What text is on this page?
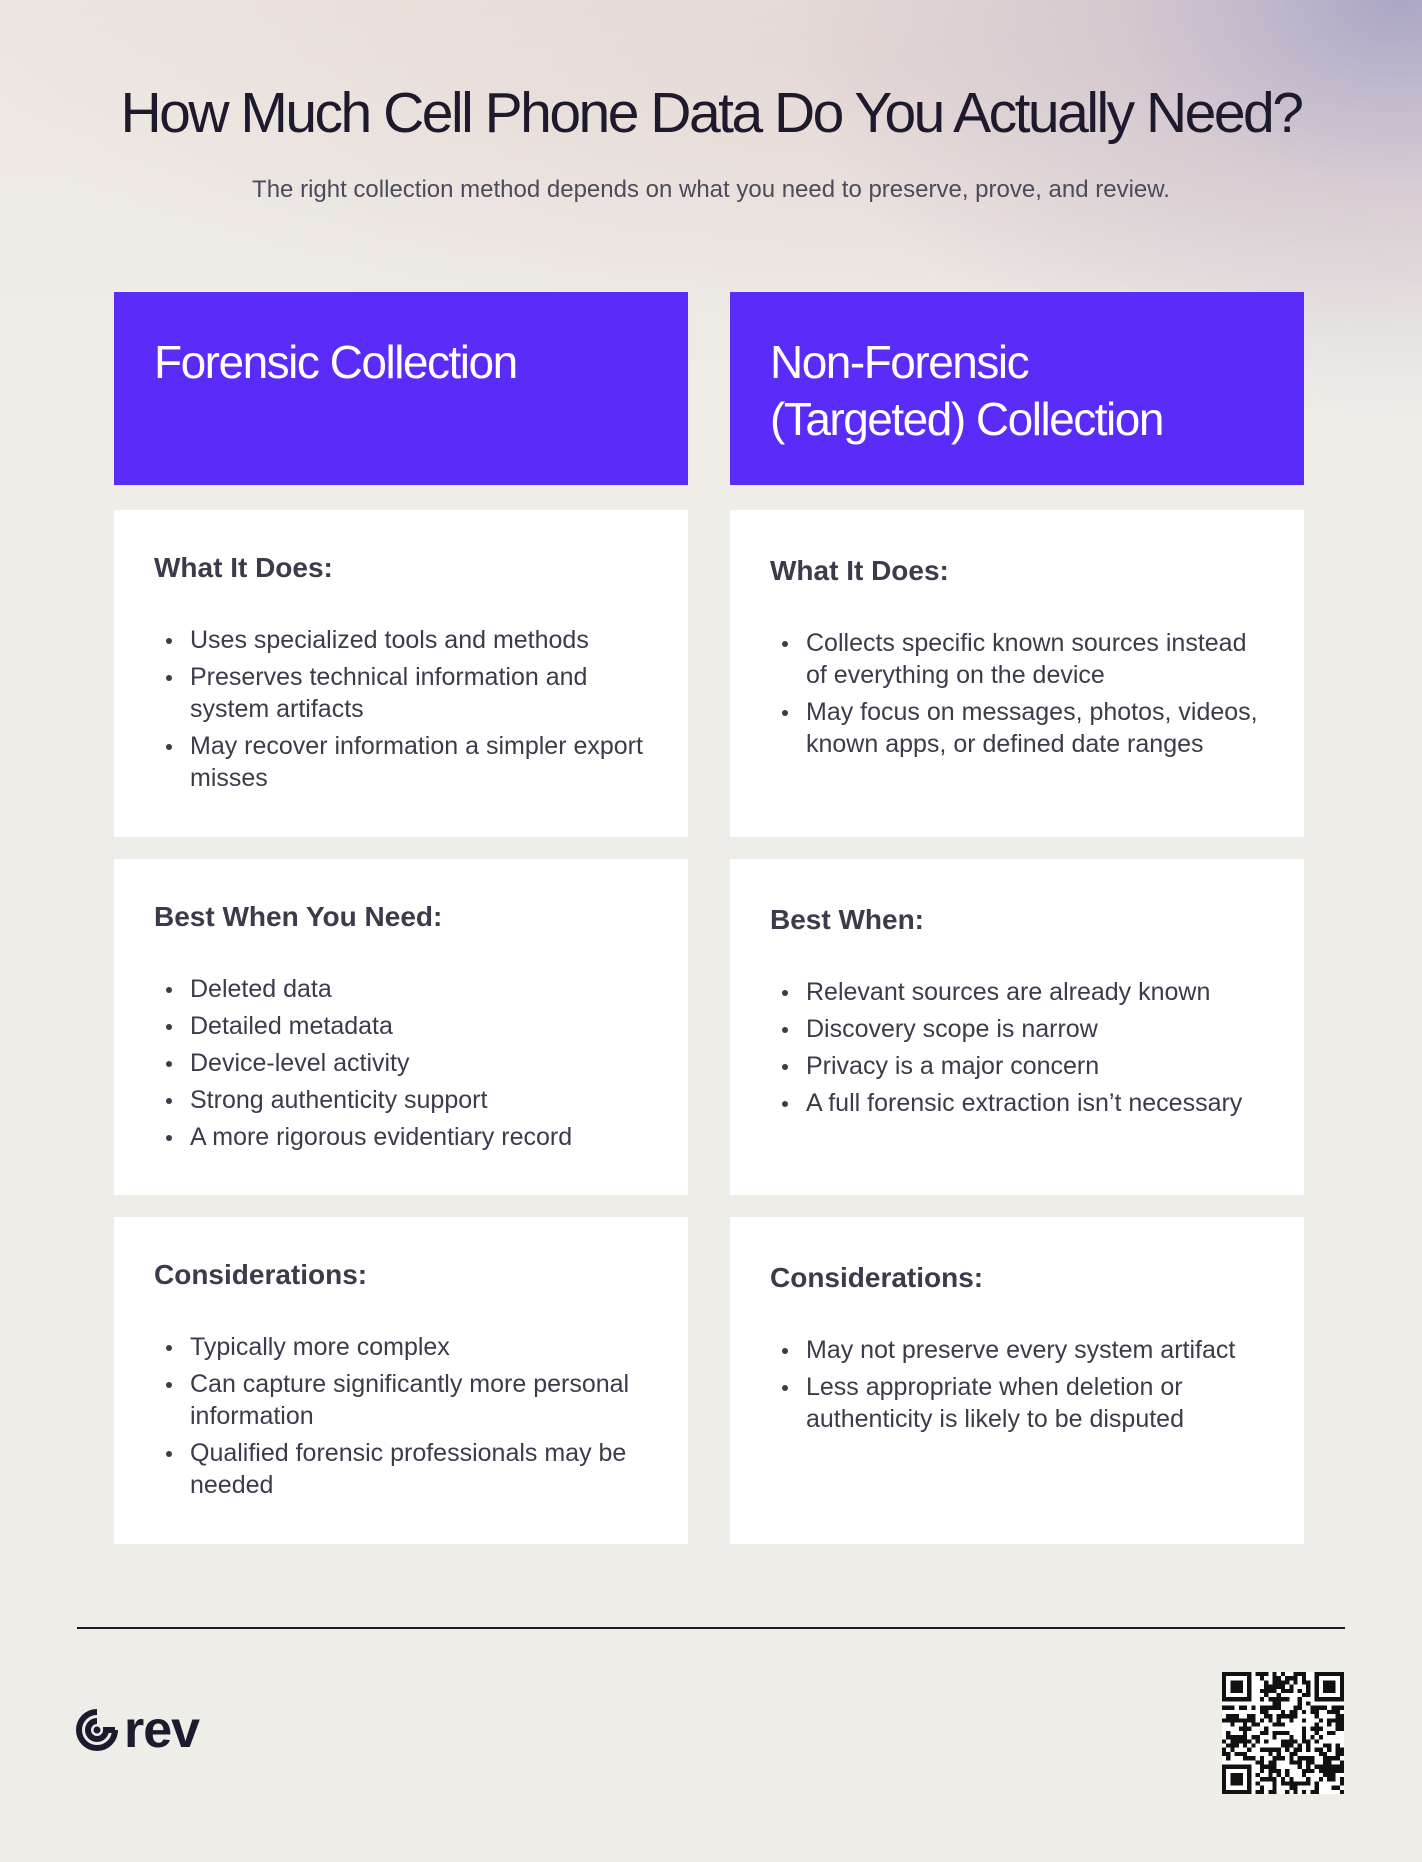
How Much Cell Phone Data Do You Actually Need?
The right collection method depends on what you need to preserve, prove, and review.
Forensic Collection	Non-Forensic
(Targeted) Collection
What It Does:
Uses specialized tools and methods
Preserves technical information and system artifacts
May recover information a simpler export misses
Best When You Need:
Deleted data
Detailed metadata
Device-level activity
Strong authenticity support
A more rigorous evidentiary record
Considerations:
Typically more complex
Can capture significantly more personal information
Qualified forensic professionals may be needed
What It Does:
Collects specific known sources instead of everything on the device
May focus on messages, photos, videos, known apps, or defined date ranges
Best When:
Relevant sources are already known
Discovery scope is narrow
Privacy is a major concern
A full forensic extraction isn’t necessary
Considerations:
May not preserve every system artifact
Less appropriate when deletion or authenticity is likely to be disputed
rev
